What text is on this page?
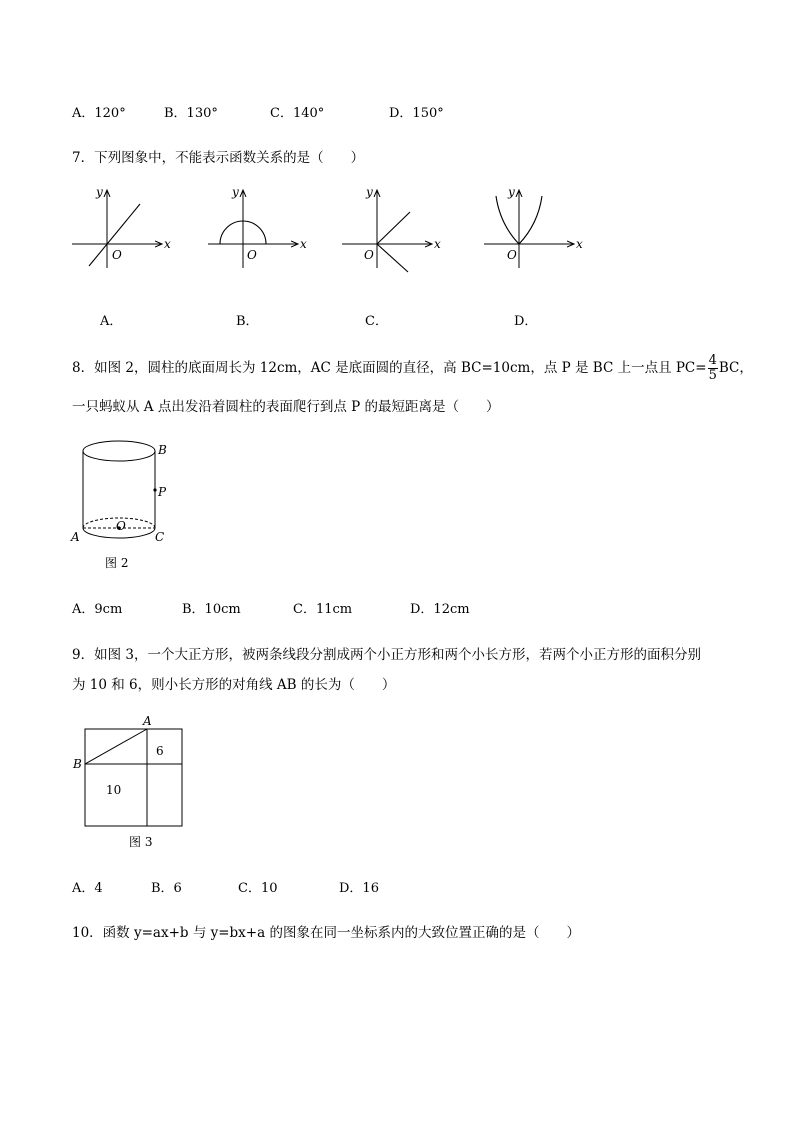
A．120°	B．130°	C．140°	D．150°
7．下列图象中，不能表示函数关系的是（　　）
x
y
O
x
y
O
x
y
O
x
y
O
A．	B．	C．	D．
8．如图 2，圆柱的底面周长为 12cm，AC 是底面圆的直径，高 BC=10cm，点 P 是 BC 上一点且 $PC= \frac{4}{5}$ BC，
一只蚂蚁从 A 点出发沿着圆柱的表面爬行到点 P 的最短距离是（　　）
B
P
O
A	C
图 2
A．9cm	B．10cm	C．11cm	D．12cm
9．如图 3，一个大正方形，被两条线段分割成两个小正方形和两个小长方形，若两个小正方形的面积分别
为 10 和 6，则小长方形的对角线 AB 的长为（　　）
A
B
6
10
图 3
A．4	B．6	C．10	D．16
10．函数 y=ax+b 与 y=bx+a 的图象在同一坐标系内的大致位置正确的是（　　）
